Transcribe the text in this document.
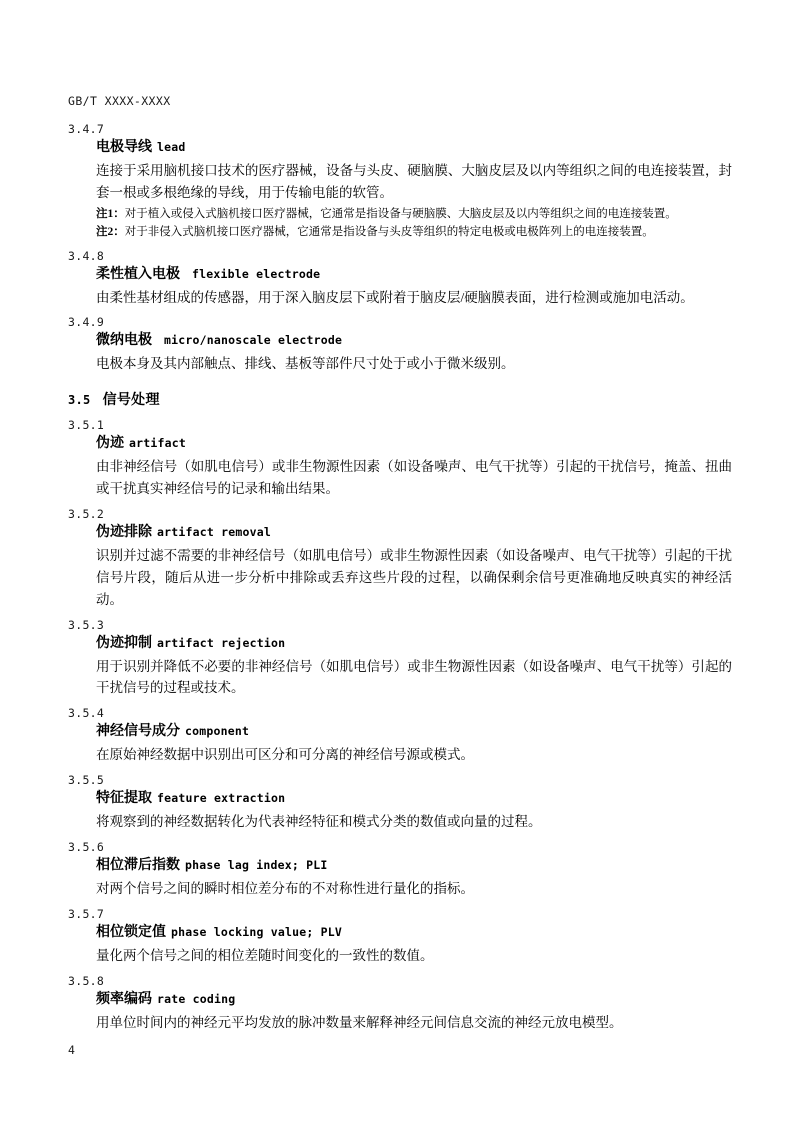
GB/T XXXX-XXXX
3.4.7
电极导线 lead
连接于采用脑机接口技术的医疗器械，设备与头皮、硬脑膜、大脑皮层及以内等组织之间的电连接装置，封套一根或多根绝缘的导线，用于传输电能的软管。
注1：对于植入或侵入式脑机接口医疗器械，它通常是指设备与硬脑膜、大脑皮层及以内等组织之间的电连接装置。
注2：对于非侵入式脑机接口医疗器械，它通常是指设备与头皮等组织的特定电极或电极阵列上的电连接装置。
3.4.8
柔性植入电极 flexible electrode
由柔性基材组成的传感器，用于深入脑皮层下或附着于脑皮层/硬脑膜表面，进行检测或施加电活动。
3.4.9
微纳电极 micro/nanoscale electrode
电极本身及其内部触点、排线、基板等部件尺寸处于或小于微米级别。
3.5 信号处理
3.5.1
伪迹 artifact
由非神经信号（如肌电信号）或非生物源性因素（如设备噪声、电气干扰等）引起的干扰信号，掩盖、扭曲或干扰真实神经信号的记录和输出结果。
3.5.2
伪迹排除 artifact removal
识别并过滤不需要的非神经信号（如肌电信号）或非生物源性因素（如设备噪声、电气干扰等）引起的干扰信号片段，随后从进一步分析中排除或丢弃这些片段的过程，以确保剩余信号更准确地反映真实的神经活动。
3.5.3
伪迹抑制 artifact rejection
用于识别并降低不必要的非神经信号（如肌电信号）或非生物源性因素（如设备噪声、电气干扰等）引起的干扰信号的过程或技术。
3.5.4
神经信号成分 component
在原始神经数据中识别出可区分和可分离的神经信号源或模式。
3.5.5
特征提取 feature extraction
将观察到的神经数据转化为代表神经特征和模式分类的数值或向量的过程。
3.5.6
相位滞后指数 phase lag index; PLI
对两个信号之间的瞬时相位差分布的不对称性进行量化的指标。
3.5.7
相位锁定值 phase locking value; PLV
量化两个信号之间的相位差随时间变化的一致性的数值。
3.5.8
频率编码 rate coding
用单位时间内的神经元平均发放的脉冲数量来解释神经元间信息交流的神经元放电模型。
4
